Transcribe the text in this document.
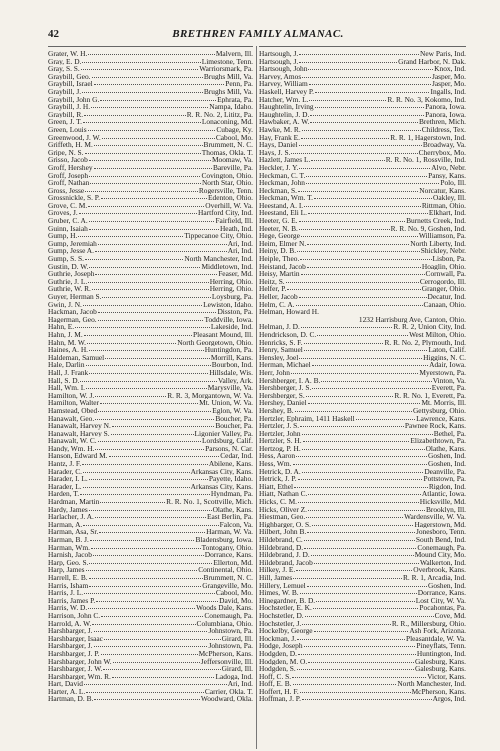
42	BRETHREN FAMILY ALMANAC.
Grater, W. H.	Malvern, Ill.
Gray, E. D.	Limestone, Tenn.
Gray, S. S.	Warriorsmark, Pa.
Graybill, Geo.	Brughs Mill, Va.
Graybill, Israel	Penn, Pa.
Graybill, J.	Brughs Mill, Va.
Graybill, John G.	Ephrata, Pa.
Graybill, J. H.	Nampa, Idaho.
Graybill, R.	R. R. No. 2, Lititz, Pa.
Green, J. T.	Lonaconing, Md.
Green, Louis	Cubage, Ky.
Greenwood, J. W.	Cabool, Mo.
Griffeth, H. M.	Brummett, N. C.
Gripe, N. S.	Thomas, Okla. T.
Grisso, Jacob	Moomaw, Va.
Groff, Hershey	Bareville, Pa.
Groff, Joseph	Covington, Ohio.
Groff, Nathan	North Star, Ohio.
Gross, Jesse	Rogersville, Tenn.
Grossnickle, S. P.	Edenton, Ohio.
Grove, C. M.	Overhill, W. Va.
Groves, J.	Hartford City, Ind.
Gruber, C. A.	Fairfield, Ill.
Guinn, Isaiah	Heath, Ind.
Gump, H.	Tippecanoe City, Ohio.
Gump, Jeremiah	Ari, Ind.
Gump, Jesse A.	Ari, Ind.
Gump, S. S.	North Manchester, Ind.
Gustin, D. W.	Middletown, Ind.
Guthrie, Joseph	Feaser, Md.
Guthrie, J. L.	Herring, Ohio.
Guthrie, W. R.	Herring, Ohio.
Guyer, Herman S.	Loysburg, Pa.
Gwin, J. N.	Lewiston, Idaho.
Hackman, Jacob	Disston, Pa.
Hagerman, Geo.	Toddville, Iowa.
Hahn, E.	Lakeside, Ind.
Hahn, J. M.	Pleasant Mound, Ill.
Hahn, M. W.	North Georgetown, Ohio.
Haines, A. H.	Huntingdon, Pa.
Haldeman, Samuel	Morrill, Kans.
Hale, Darlin	Bourbon, Ind.
Hall, J. Frank	Hillsdale, Wis.
Hall, S. D.	Valley, Ark.
Hall, Wm. I.	Marysville, Va.
Hamilton, W. J.	R. R. 3, Morgantown, W. Va.
Hamilton, Walter	Mt. Union, W. Va.
Hamstead, Obed	Eglon, W. Va.
Hanawalt, Geo.	Boucher, Pa.
Hanawalt, Harvey N.	Boucher, Pa.
Hanawalt, Harvey S.	Ligonier Valley, Pa.
Hanawalt, W. C.	Lordsburg, Calif.
Handy, Wm. H.	Parsons, N. Car.
Hanson, Edward M.	Cedar, Ind.
Hantz, J. F.	Abilene, Kans.
Harader, C.	Arkansas City, Kans.
Harader, I. L.	Payette, Idaho.
Harader, L.	Arkansas City, Kans.
Harden, T.	Hyndman, Pa.
Hardman, Martin	R. R. No. 1, Scottville, Mich.
Hardy, James	Olathe, Kans.
Harlacher, J. A.	East Berlin, Pa.
Harman, A.	Falcon, Va.
Harman, Asa, Sr.	Harman, W. Va.
Harman, B. J.	Bladensburg, Iowa.
Harman, Wm.	Tontogany, Ohio.
Harnish, Jacob	Dorrance, Kans.
Harp, Geo. S.	Ellerton, Md.
Harp, James	Continental, Ohio.
Harrell, E. B.	Brummett, N. C.
Harris, Isham	Grangeville, Mo.
Harris, J. L.	Cabool, Mo.
Harris, James P.	David, Mo.
Harris, W. D.	Woods Dale, Kans.
Harrison, John C.	Conemaugh, Pa.
Harrold, A. W.	Columbiana, Ohio.
Harshbarger, J.	Johnstown, Pa.
Harshbarger, Isaac	Girard, Ill.
Harshbarger, J.	Johnstown, Pa.
Harshbarger, J. P.	McPherson, Kans.
Harshbarger, John W.	Jeffersonville, Ill.
Harshbarger, J. W.	Girard, Ill.
Harshbarger, Wm. R.	Ladoga, Ind.
Hart, David	Ari, Ind.
Harter, A. L.	Carrier, Okla. T.
Hartman, D. B.	Woodward, Okla.
Hartsough, J.	New Paris, Ind.
Hartsough, J.	Grand Harbor, N. Dak.
Hartsough, John	Knox, Ind.
Harvey, Amos	Jasper, Mo.
Harvey, William	Jasper, Mo.
Haskell, Harvey P.	Ingalls, Ind.
Hatcher, Wm. L.	R. R. No. 3, Kokomo, Ind.
Haughtelin, Irving	Panora, Iowa.
Haughtelin, J. D.	Panora, Iowa.
Hawbaker, A. W.	Brethren, Mich.
Hawke, M. R.	Childress, Tex.
Hay, Frank E.	R. R. 1, Hagerstown, Ind.
Hays, Daniel	Broadway, Va.
Hays, J. S.	Cherrybox, Mo.
Hazlett, James L.	R. R. No. 1, Rossville, Ind.
Heckler, J. Y.	Alvo, Nebr.
Heckman, C. T.	Pansy, Kans.
Heckman, John	Polo, Ill.
Heckman, S.	Norcatur, Kans.
Heckman, Wm. T.	Oakley, Ill.
Heestand, A. I.	Rittman, Ohio.
Heestand, Eli L.	Elkhart, Ind.
Heeter, G. E.	Burnetts Creek, Ind.
Heeter, N. B.	R. R. No. 9, Goshen, Ind.
Hege, George	Williamson, Pa.
Heim, Elmer N.	North Liberty, Ind.
Heiny, D. B.	Shickley, Nebr.
Heiple, Theo.	Lisbon, Pa.
Heistand, Jacob	Hoaglin, Ohio.
Heisy, Martin	Cornwall, Pa.
Heitz, S.	Cerrogordo, Ill.
Helfer, P.	Granger, Ohio.
Heller, Jacob	Decatur, Ind.
Helm, C. A.	Canaan, Ohio.
Helman, Howard H.
1232 Harrisburg Ave, Canton, Ohio.
Helman, J. D.	R. R. 2, Union City, Ind.
Hendrickson, D. C.	West Milton, Ohio.
Henricks, S. F.	R. R. No. 2, Plymouth, Ind.
Henry, Samuel	Laton, Calif.
Hensley, Joel	Higgins, N. C.
Herman, Michael	Adair, Iowa.
Herr, John	Myerstown, Pa.
Hershberger, I. A. B.	Vinton, Va.
Hershberger, J. S.	Everett, Pa.
Hershberger, S.	R. R. No. 1, Everett, Pa.
Hershey, Daniel	Mt. Morris, Ill.
Hershey, B.	Gettysburg, Ohio.
Hertzler, Ephraim, 1411 Haskell	Lawrence, Kans.
Hertzler, J. S.	Pawnee Rock, Kans.
Hertzler, John	Bethel, Pa.
Hertzler, S. H.	Elizabethtown, Pa.
Hertzog, P. H.	Olathe, Kans.
Hess, Aaron	Goshen, Ind.
Hess, Wm.	Goshen, Ind.
Hetrick, D. A.	Deanville, Pa.
Hetrick, J. P.	Pottstown, Pa.
Hiatt, Ethel	Rigdon, Ind.
Hiatt, Nathan C.	Atlantic, Iowa.
Hicks, C. M.	Hicksville, Md.
Hicks, Oliver Z.	Brooklyn, Ill.
Hiestman, Geo.	Wardensville, W. Va.
Highbarger, O. S.	Hagerstown, Md.
Hilbert, John B.	Jonesboro, Tenn.
Hildebrand, C.	South Bend, Ind.
Hildebrand, D.	Conemaugh, Pa.
Hildebrand, J. D.	Mound City, Mo.
Hildebrand, Jacob	Walkerton, Ind.
Hilkey, J. E.	Overbrook, Kans.
Hill, James	R. R. 1, Arcadia, Ind.
Hillery, Lemuel	Goshen, Ind.
Himes, W. B.	Dorrance, Kans.
Hinegardner, B. D.	Lost City, W. Va.
Hochstetler, E. K.	Pocahontas, Pa.
Hochstetler, D.	Cove, Md.
Hochstetler, J.	R. R., Millersburg, Ohio.
Hockelby, George	Ash Fork, Arizona.
Hockman, J.	Pleasantdale, W. Va.
Hodge, Joseph	Pineyflats, Tenn.
Hodgden, D.	Huntington, Ind.
Hodgden, M. O.	Galesburg, Kans.
Hodgden, S.	Galesburg, Kans.
Hoff, C. S.	Victor, Kans.
Hoff, E. B.	North Manchester, Ind.
Hoffert, H. F.	McPherson, Kans.
Hoffman, J. P.	Argos, Ind.
